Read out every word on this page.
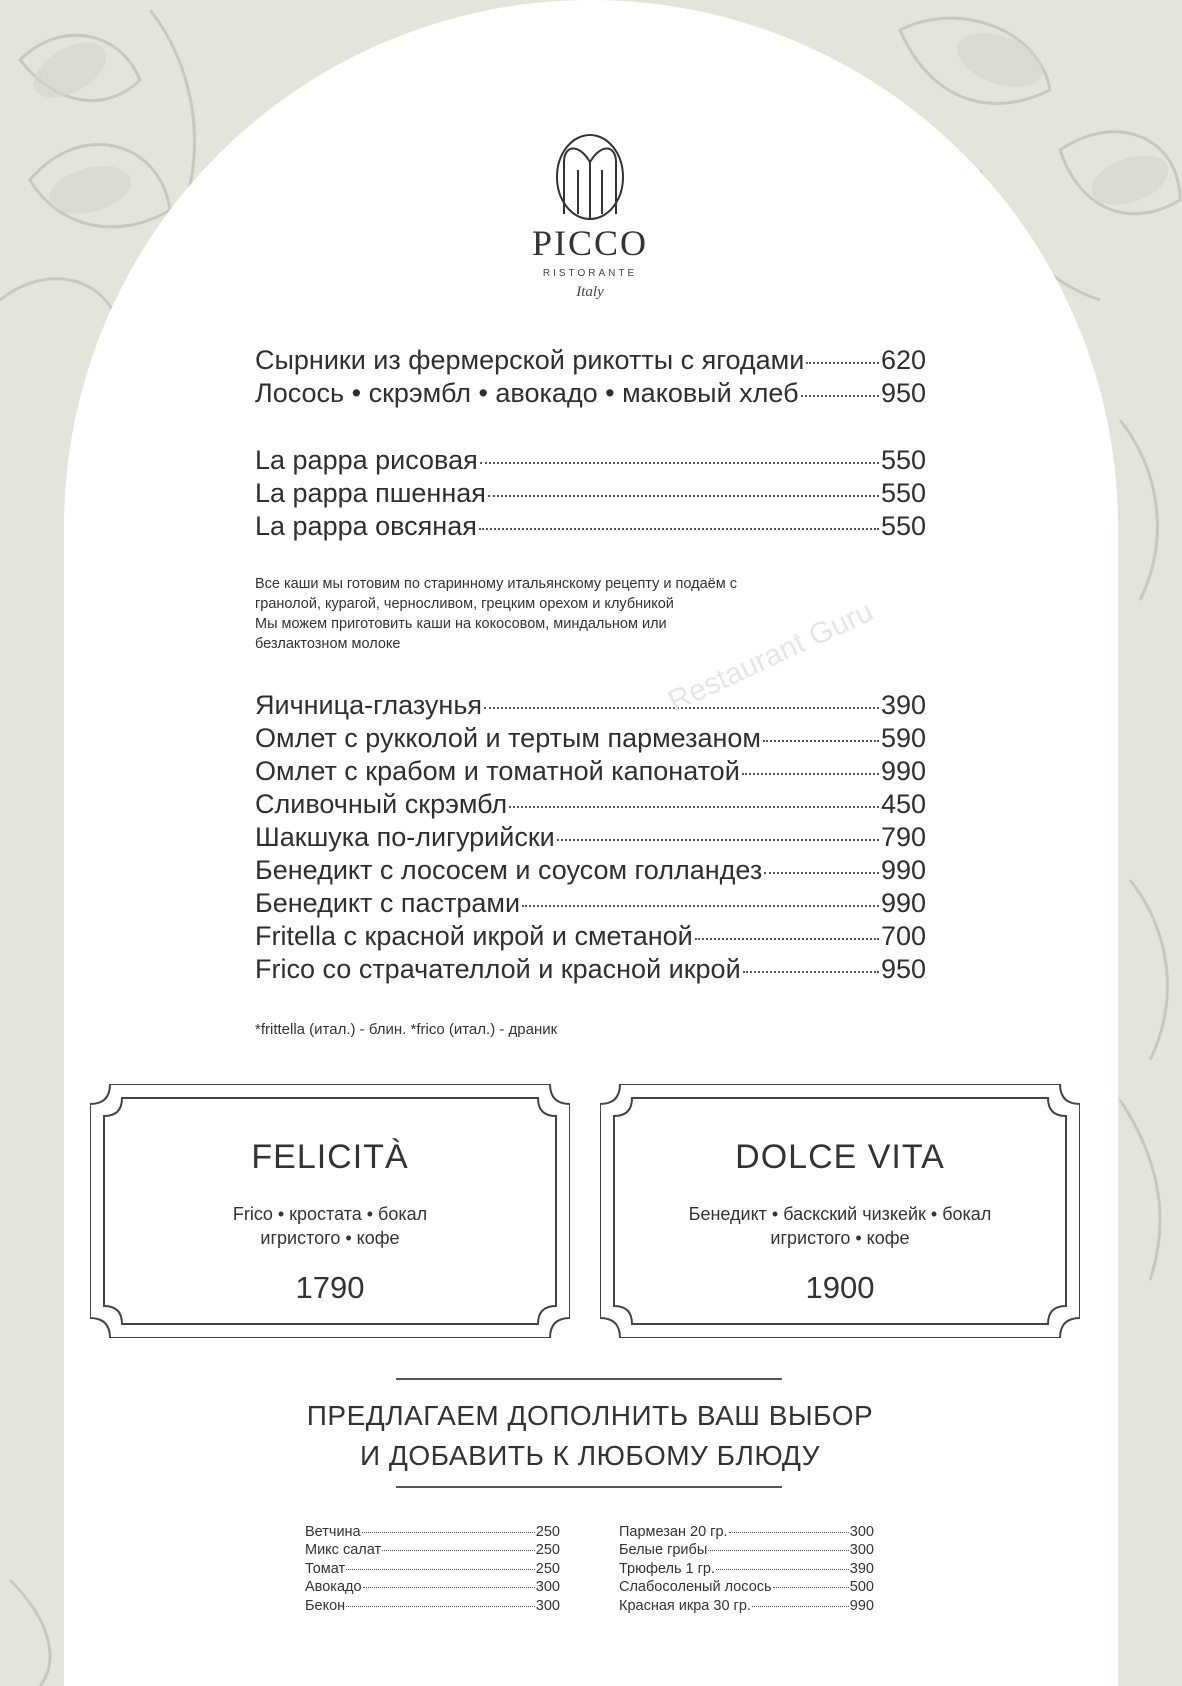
PICCO
RISTORANTE
Italy
Сырники из фермерской рикотты с ягодами	620
Лосось • скрэмбл • авокадо • маковый хлеб	950
La pappa рисовая	550
La pappa пшенная	550
La pappa овсяная	550

Все каши мы готовим по старинному итальянскому рецепту и подаём с

гранолой, курагой, черносливом, грецким орехом и клубникой

Мы можем приготовить каши на кокосовом, миндальном или

безлактозном молоке

Яичница-глазунья	390
Омлет с рукколой и тертым пармезаном	590
Омлет с крабом и томатной капонатой	990
Сливочный скрэмбл	450
Шакшука по-лигурийски	790
Бенедикт с лососем и соусом голландез	990
Бенедикт с пастрами	990
Fritella с красной икрой и сметаной	700
Frico со страчателлой и красной икрой	950
*frittella (итал.) - блин. *frico (итал.) - драник
FELICITÀ
Frico • кростата • бокал
игристого • кофе
1790
DOLCE VITA
Бенедикт • баскский чизкейк • бокал
игристого • кофе
1900
ПРЕДЛАГАЕМ ДОПОЛНИТЬ ВАШ ВЫБОР
И ДОБАВИТЬ К ЛЮБОМУ БЛЮДУ
Ветчина	250
Микс салат	250
Томат	250
Авокадо	300
Бекон	300
Пармезан 20 гр.	300
Белые грибы	300
Трюфель 1 гр.	390
Слабосоленый лосось	500
Красная икра 30 гр.	990
Restaurant Guru
